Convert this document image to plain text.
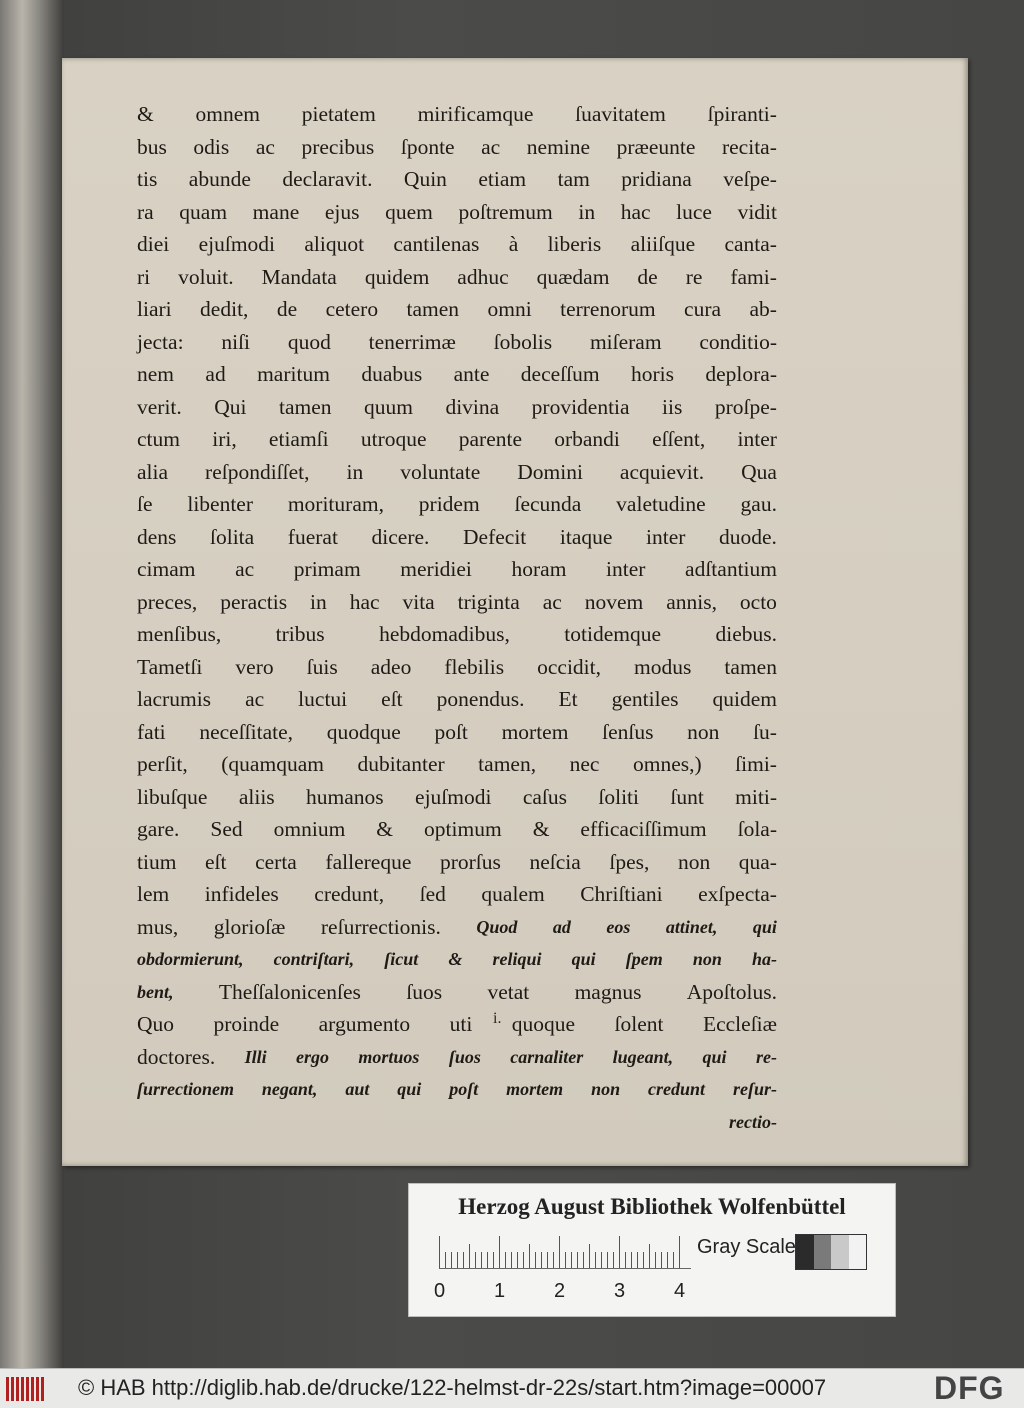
& omnem pietatem mirificamque ſuavitatem ſpiranti-
bus odis ac precibus ſponte ac nemine præeunte recita-
tis abunde declaravit. Quin etiam tam pridiana veſpe-
ra quam mane ejus quem poſtremum in hac luce vidit
diei ejuſmodi aliquot cantilenas à liberis aliiſque canta-
ri voluit. Mandata quidem adhuc quædam de re fami-
liari dedit, de cetero tamen omni terrenorum cura ab-
jecta: niſi quod tenerrimæ ſobolis miſeram conditio-
nem ad maritum duabus ante deceſſum horis deplora-
verit. Qui tamen quum divina providentia iis proſpe-
ctum iri, etiamſi utroque parente orbandi eſſent, inter
alia reſpondiſſet, in voluntate Domini acquievit. Qua
ſe libenter morituram, pridem ſecunda valetudine gau.
dens ſolita fuerat dicere. Defecit itaque inter duode.
cimam ac primam meridiei horam inter adſtantium
preces, peractis in hac vita triginta ac novem annis, octo
menſibus,	tribus	hebdomadibus,	totidemque	diebus.
Tametſi vero ſuis adeo flebilis occidit, modus tamen
lacrumis ac luctui eſt ponendus. Et gentiles quidem
fati neceſſitate, quodque poſt mortem ſenſus non ſu-
perſit, (quamquam dubitanter tamen, nec omnes,) ſimi-
libuſque aliis humanos ejuſmodi caſus ſoliti ſunt miti-
gare. Sed omnium & optimum & efficaciſſimum ſola-
tium eſt certa fallereque prorſus neſcia ſpes, non qua-
lem infideles credunt, ſed qualem Chriſtiani exſpecta-
mus, glorioſæ reſurrectionis. Quod ad eos attinet, qui
obdormierunt, contriſtari, ſicut & reliqui qui ſpem non ha-
bent, Theſſalonicenſes ſuos vetat magnus Apoſtolus.
Quo proinde argumento uti quoque ſolent Eccleſiæ
doctores. Illi ergo mortuos ſuos carnaliter lugeant, qui re-
ſurrectionem negant, aut qui poſt mortem non credunt reſur-
rectio-
i.
Herzog August Bibliothek Wolfenbüttel
0 1 2 3 4
Gray Scale
© HAB http://diglib.hab.de/drucke/122-helmst-dr-22s/start.htm?image=00007	DFG
